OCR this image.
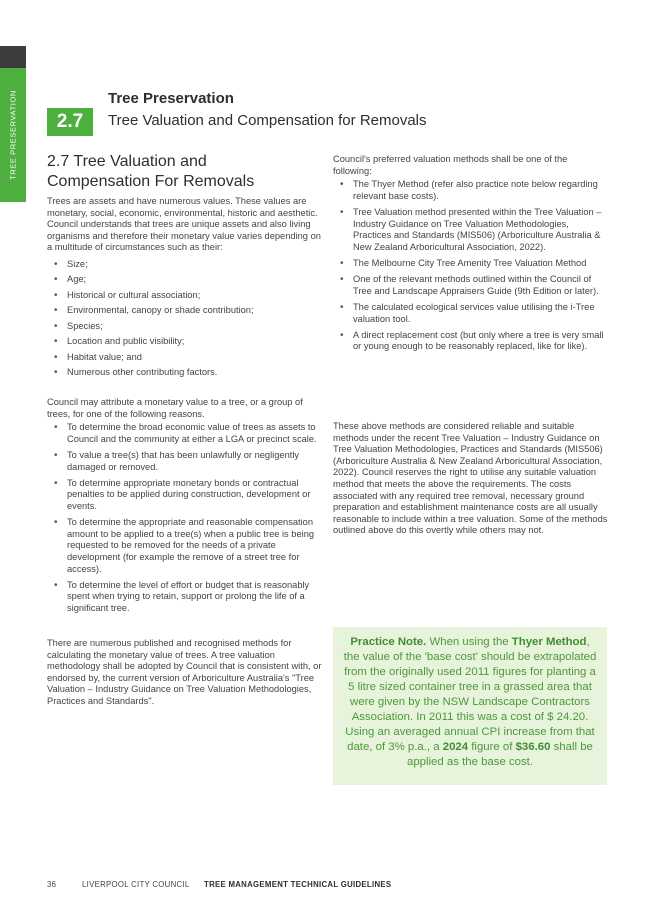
TREE PRESERVATION	2.7
Tree Preservation
Tree Valuation and Compensation for Removals
2.7 Tree Valuation and Compensation For Removals

Trees are assets and have numerous values. These values are monetary, social, economic, environmental, historic and aesthetic. Council understands that trees are unique assets and also living organisms and therefore their monetary value varies depending on a multitude of circumstances such as their:

• Size;
• Age;
• Historical or cultural association;
• Environmental, canopy or shade contribution;
• Species;
• Location and public visibility;
• Habitat value; and
• Numerous other contributing factors.

Council may attribute a monetary value to a tree, or a group of trees, for one of the following reasons.

• To determine the broad economic value of trees as assets to Council and the community at either a LGA or precinct scale.
• To value a tree(s) that has been unlawfully or negligently damaged or removed.
• To determine appropriate monetary bonds or contractual penalties to be applied during construction, development or events.
• To determine the appropriate and reasonable compensation amount to be applied to a tree(s) when a public tree is being requested to be removed for the needs of a private development (for example the remove of a street tree for access).
• To determine the level of effort or budget that is reasonably spent when trying to retain, support or prolong the life of a significant tree.

There are numerous published and recognised methods for calculating the monetary value of trees. A tree valuation methodology shall be adopted by Council that is consistent with, or endorsed by, the current version of Arboriculture Australia's "Tree Valuation – Industry Guidance on Tree Valuation Methodologies, Practices and Standards".

Council's preferred valuation methods shall be one of the following:

• The Thyer Method (refer also practice note below regarding relevant base costs).
• Tree Valuation method presented within the Tree Valuation – Industry Guidance on Tree Valuation Methodologies, Practices and Standards (MIS506) (Arboriculture Australia & New Zealand Arboricultural Association, 2022).
• The Melbourne City Tree Amenity Tree Valuation Method
• One of the relevant methods outlined within the Council of Tree and Landscape Appraisers Guide (9th Edition or later).
• The calculated ecological services value utilising the i-Tree valuation tool.
• A direct replacement cost (but only where a tree is very small or young enough to be reasonably replaced, like for like).

These above methods are considered reliable and suitable methods under the recent Tree Valuation – Industry Guidance on Tree Valuation Methodologies, Practices and Standards (MIS506) (Arboriculture Australia & New Zealand Arboricultural Association, 2022). Council reserves the right to utilise any suitable valuation method that meets the above the requirements. The costs associated with any required tree removal, necessary ground preparation and establishment maintenance costs are all usually reasonable to include within a tree valuation. Some of the methods outlined above do this overtly while others may not.

Practice Note. When using the Thyer Method, the value of the 'base cost' should be extrapolated from the originally used 2011 figures for planting a 5 litre sized container tree in a grassed area that were given by the NSW Landscape Contractors Association. In 2011 this was a cost of $ 24.20. Using an averaged annual CPI increase from that date, of 3% p.a., a 2024 figure of $36.60 shall be applied as the base cost.
36	LIVERPOOL CITY COUNCIL TREE MANAGEMENT TECHNICAL GUIDELINES
